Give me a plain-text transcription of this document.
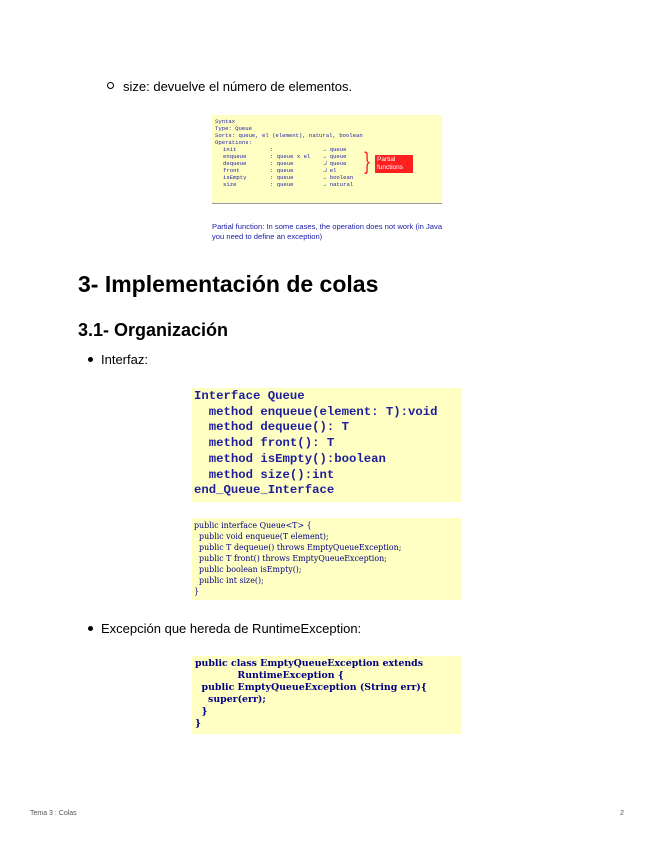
size: devuelve el número de elementos.
Syntax
Type: Queue
Sorts: queue, el (element), natural, boolean
Operations:
init	:	→ queue
enqueue	: queue x el → queue
dequeue	: queue	↛ queue
front	: queue	↛ el
isEmpty	: queue	→ boolean
size	: queue	→ natural
}	Partial functions
Partial function: In some cases, the operation does not work (in Java you need to define an exception)
3- Implementación de colas
3.1- Organización
Interfaz:
Interface Queue
method enqueue(element: T):void
method dequeue(): T
method front(): T
method isEmpty():boolean
method size():int
end_Queue_Interface
public interface Queue<T> {
public void enqueue(T element);
public T dequeue() throws EmptyQueueException;
public T front() throws EmptyQueueException;
public boolean isEmpty();
public int size();
}
Excepción que hereda de RuntimeException:
public class EmptyQueueException extends
RuntimeException {
public EmptyQueueException (String err){
super(err);
}
}
Tema 3 : Colas	2
